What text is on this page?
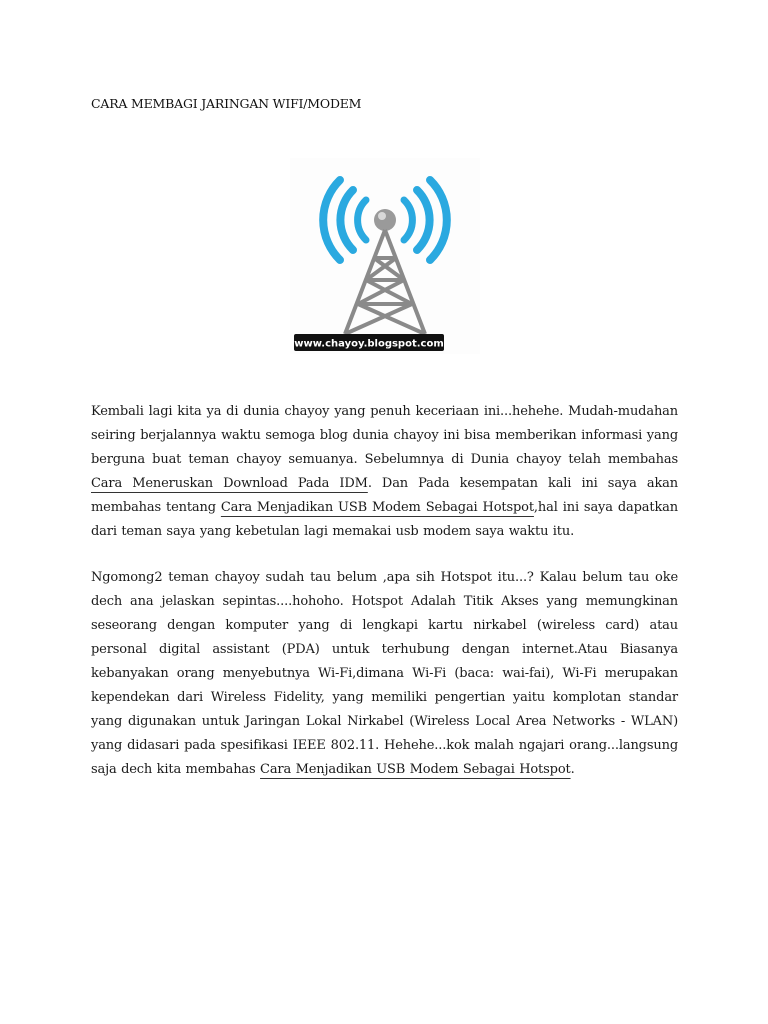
CARA MEMBAGI JARINGAN WIFI/MODEM
www.chayoy.blogspot.com

Kembali lagi kita ya di dunia chayoy yang penuh keceriaan ini...hehehe. Mudah-mudahan seiring berjalannya waktu semoga blog dunia chayoy ini bisa memberikan informasi yang berguna buat teman chayoy semuanya. Sebelumnya di Dunia chayoy telah membahas Cara Meneruskan Download Pada IDM. Dan Pada kesempatan kali ini saya akan membahas tentang Cara Menjadikan USB Modem Sebagai Hotspot,hal ini saya dapatkan dari teman saya yang kebetulan lagi memakai usb modem saya waktu itu.

Ngomong2 teman chayoy sudah tau belum ,apa sih Hotspot itu...? Kalau belum tau oke dech ana jelaskan sepintas....hohoho. Hotspot Adalah Titik Akses yang memungkinan seseorang dengan komputer yang di lengkapi kartu nirkabel (wireless card) atau personal digital assistant (PDA) untuk terhubung dengan internet.Atau Biasanya kebanyakan orang menyebutnya Wi-Fi,dimana Wi-Fi (baca: wai-fai), Wi-Fi merupakan kependekan dari Wireless Fidelity, yang memiliki pengertian yaitu komplotan standar yang digunakan untuk Jaringan Lokal Nirkabel (Wireless Local Area Networks - WLAN) yang didasari pada spesifikasi IEEE 802.11. Hehehe...kok malah ngajari orang...langsung saja dech kita membahas Cara Menjadikan USB Modem Sebagai Hotspot.
